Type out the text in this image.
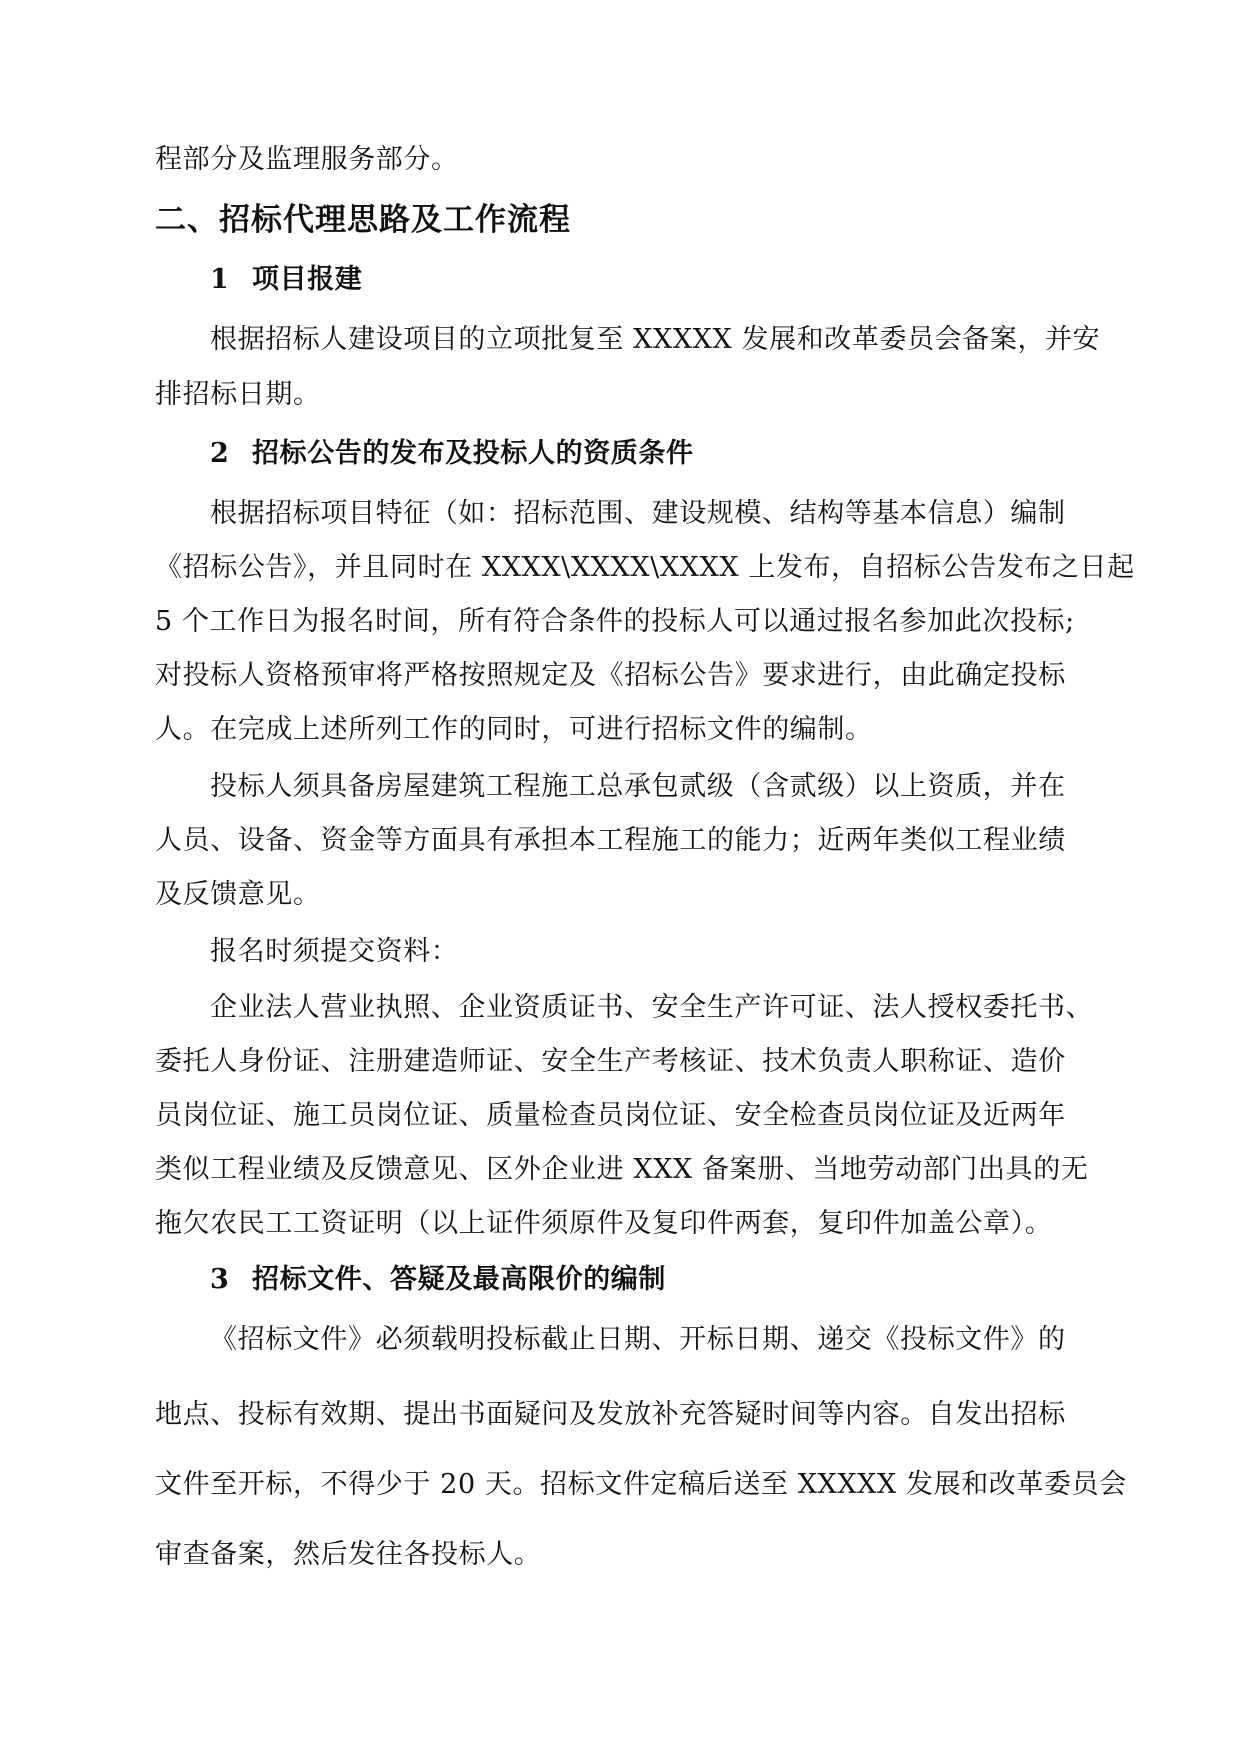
程部分及监理服务部分。
二、招标代理思路及工作流程
1 项目报建
根据招标人建设项目的立项批复至 XXXXX 发展和改革委员会备案，并安
排招标日期。
2 招标公告的发布及投标人的资质条件
根据招标项目特征（如：招标范围、建设规模、结构等基本信息）编制
《招标公告》，并且同时在 XXXX\XXXX\XXXX 上发布，自招标公告发布之日起
5 个工作日为报名时间，所有符合条件的投标人可以通过报名参加此次投标;
对投标人资格预审将严格按照规定及《招标公告》要求进行，由此确定投标
人。在完成上述所列工作的同时，可进行招标文件的编制。
投标人须具备房屋建筑工程施工总承包贰级（含贰级）以上资质，并在
人员、设备、资金等方面具有承担本工程施工的能力；近两年类似工程业绩
及反馈意见。
报名时须提交资料：
企业法人营业执照、企业资质证书、安全生产许可证、法人授权委托书、
委托人身份证、注册建造师证、安全生产考核证、技术负责人职称证、造价
员岗位证、施工员岗位证、质量检查员岗位证、安全检查员岗位证及近两年
类似工程业绩及反馈意见、区外企业进 XXX 备案册、当地劳动部门出具的无
拖欠农民工工资证明（以上证件须原件及复印件两套，复印件加盖公章）。
3 招标文件、答疑及最高限价的编制
《招标文件》必须载明投标截止日期、开标日期、递交《投标文件》的
地点、投标有效期、提出书面疑问及发放补充答疑时间等内容。自发出招标
文件至开标，不得少于 20 天。招标文件定稿后送至 XXXXX 发展和改革委员会
审查备案，然后发往各投标人。
